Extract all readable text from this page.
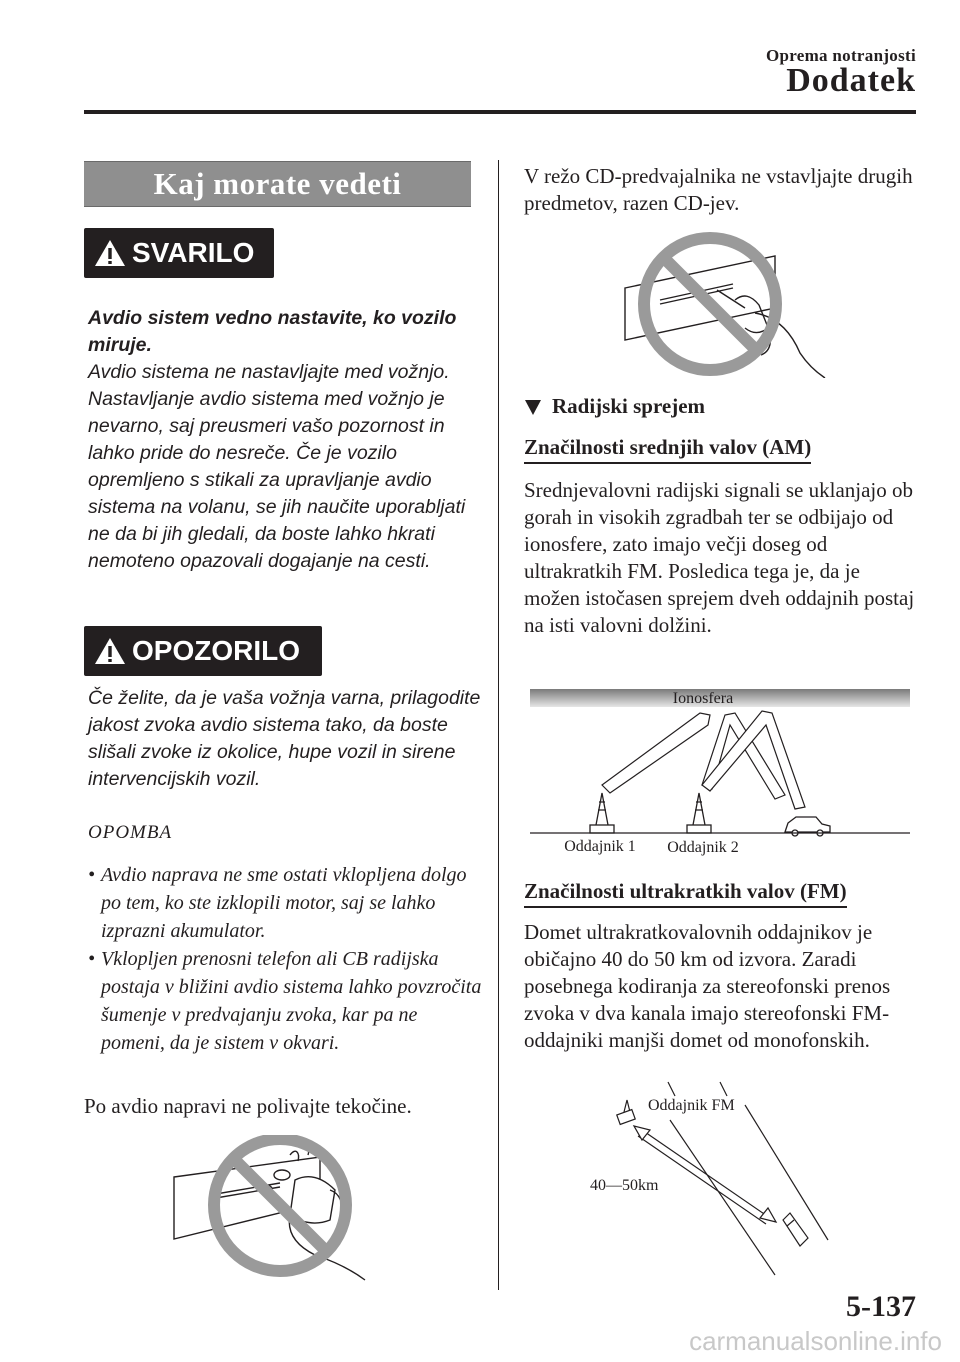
Oprema notranjosti
Dodatek
Kaj morate vedeti
SVARILO
Avdio sistem vedno nastavite, ko vozilo miruje.
Avdio sistema ne nastavljajte med vožnjo. Nastavljanje avdio sistema med vožnjo je nevarno, saj preusmeri vašo pozornost in lahko pride do nesreče. Če je vozilo opremljeno s stikali za upravljanje avdio sistema na volanu, se jih naučite uporabljati ne da bi jih gledali, da boste lahko hkrati nemoteno opazovali dogajanje na cesti.
OPOZORILO
Če želite, da je vaša vožnja varna, prilagodite jakost zvoka avdio sistema tako, da boste slišali zvoke iz okolice, hupe vozil in sirene intervencijskih vozil.
OPOMBA
• Avdio naprava ne sme ostati vklopljena dolgo po tem, ko ste izklopili motor, saj se lahko izprazni akumulator.
• Vklopljen prenosni telefon ali CB radijska postaja v bližini avdio sistema lahko povzročita šumenje v predvajanju zvoka, kar pa ne pomeni, da je sistem v okvari.
Po avdio napravi ne polivajte tekočine.
V režo CD-predvajalnika ne vstavljajte drugih predmetov, razen CD-jev.
Radijski sprejem
Značilnosti srednjih valov (AM)
Srednjevalovni radijski signali se uklanjajo ob gorah in visokih zgradbah ter se odbijajo od ionosfere, zato imajo večji doseg od ultrakratkih FM. Posledica tega je, da je možen istočasen sprejem dveh oddajnih postaj na isti valovni dolžini.
Ionosfera
Oddajnik 1 Oddajnik 2
Značilnosti ultrakratkih valov (FM)
Domet ultrakratkovalovnih oddajnikov je običajno 40 do 50 km od izvora. Zaradi posebnega kodiranja za stereofonski prenos zvoka v dva kanala imajo stereofonski FM-oddajniki manjši domet od monofonskih.
Oddajnik FM
40—50km
5-137
carmanualsonline.info
